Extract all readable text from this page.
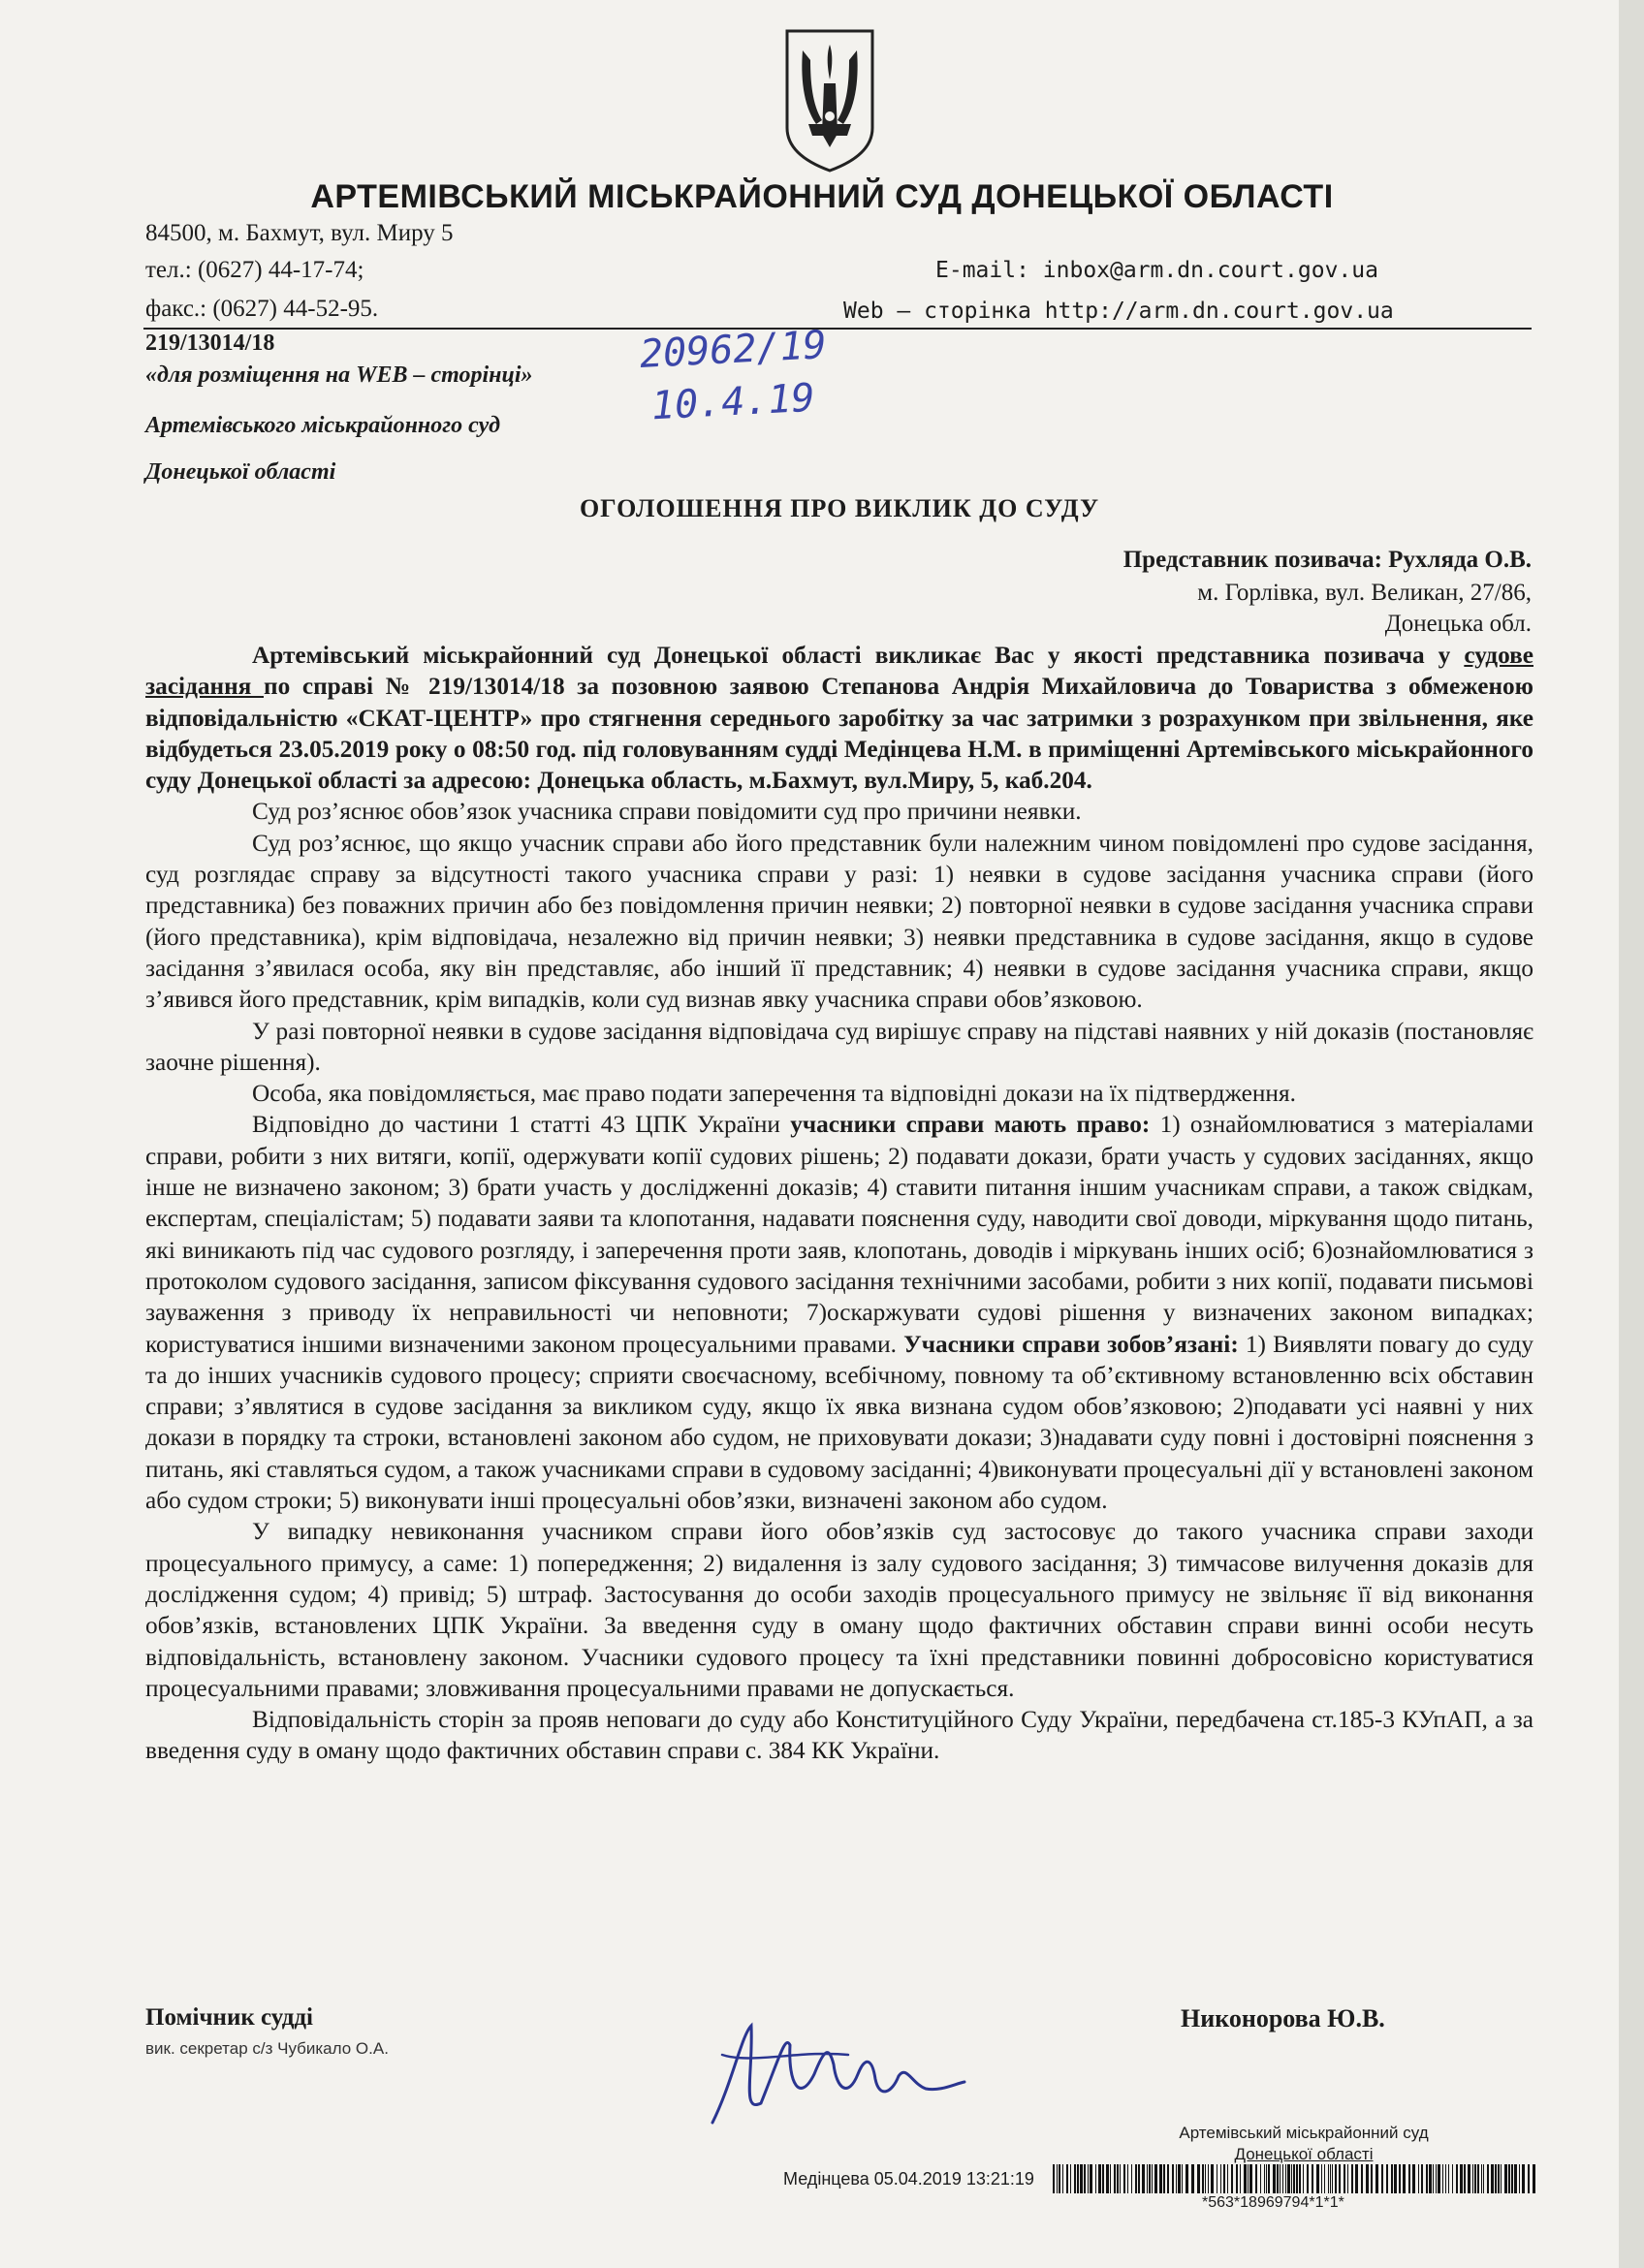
АРТЕМІВСЬКИЙ МІСЬКРАЙОННИЙ СУД ДОНЕЦЬКОЇ ОБЛАСТІ
84500, м. Бахмут, вул. Миру 5
тел.: (0627) 44-17-74;
факс.: (0627) 44-52-95.
E-mail: inbox@arm.dn.court.gov.ua
Web – сторінка http://arm.dn.court.gov.ua
219/13014/18
«для розміщення на WEB – сторінці»
Артемівського міськрайонного суд
Донецької області
20962/19
10.4.19
ОГОЛОШЕННЯ ПРО ВИКЛИК ДО СУДУ
Представник позивача: Рухляда О.В.
м. Горлівка, вул. Великан, 27/86,
Донецька обл.

Артемівський міськрайонний суд Донецької області викликає Вас у якості представника позивача у судове засідання по справі № 219/13014/18 за позовною заявою Степанова Андрія Михайловича до Товариства з обмеженою відповідальністю «СКАТ-ЦЕНТР» про стягнення середнього заробітку за час затримки з розрахунком при звільнення, яке відбудеться 23.05.2019 року о 08:50 год. під головуванням судді Медінцева Н.М. в приміщенні Артемівського міськрайонного суду Донецької області за адресою: Донецька область, м.Бахмут, вул.Миру, 5, каб.204.

Суд роз’яснює обов’язок учасника справи повідомити суд про причини неявки.

Суд роз’яснює, що якщо учасник справи або його представник були належним чином повідомлені про судове засідання, суд розглядає справу за відсутності такого учасника справи у разі: 1) неявки в судове засідання учасника справи (його представника) без поважних причин або без повідомлення причин неявки; 2) повторної неявки в судове засідання учасника справи (його представника), крім відповідача, незалежно від причин неявки; 3) неявки представника в судове засідання, якщо в судове засідання з’явилася особа, яку він представляє, або інший її представник; 4) неявки в судове засідання учасника справи, якщо з’явився його представник, крім випадків, коли суд визнав явку учасника справи обов’язковою.

У разі повторної неявки в судове засідання відповідача суд вирішує справу на підставі наявних у ній доказів (постановляє заочне рішення).

Особа, яка повідомляється, має право подати заперечення та відповідні докази на їх підтвердження.

Відповідно до частини 1 статті 43 ЦПК України учасники справи мають право: 1) ознайомлюватися з матеріалами справи, робити з них витяги, копії, одержувати копії судових рішень; 2) подавати докази, брати участь у судових засіданнях, якщо інше не визначено законом; 3) брати участь у дослідженні доказів; 4) ставити питання іншим учасникам справи, а також свідкам, експертам, спеціалістам; 5) подавати заяви та клопотання, надавати пояснення суду, наводити свої доводи, міркування щодо питань, які виникають під час судового розгляду, і заперечення проти заяв, клопотань, доводів і міркувань інших осіб; 6)ознайомлюватися з протоколом судового засідання, записом фіксування судового засідання технічними засобами, робити з них копії, подавати письмові зауваження з приводу їх неправильності чи неповноти; 7)оскаржувати судові рішення у визначених законом випадках; користуватися іншими визначеними законом процесуальними правами. Учасники справи зобов’язані: 1) Виявляти повагу до суду та до інших учасників судового процесу; сприяти своєчасному, всебічному, повному та об’єктивному встановленню всіх обставин справи; з’являтися в судове засідання за викликом суду, якщо їх явка визнана судом обов’язковою; 2)подавати усі наявні у них докази в порядку та строки, встановлені законом або судом, не приховувати докази; 3)надавати суду повні і достовірні пояснення з питань, які ставляться судом, а також учасниками справи в судовому засіданні; 4)виконувати процесуальні дії у встановлені законом або судом строки; 5) виконувати інші процесуальні обов’язки, визначені законом або судом.

У випадку невиконання учасником справи його обов’язків суд застосовує до такого учасника справи заходи процесуального примусу, а саме: 1) попередження; 2) видалення із залу судового засідання; 3) тимчасове вилучення доказів для дослідження судом; 4) привід; 5) штраф. Застосування до особи заходів процесуального примусу не звільняє її від виконання обов’язків, встановлених ЦПК України. За введення суду в оману щодо фактичних обставин справи винні особи несуть відповідальність, встановлену законом. Учасники судового процесу та їхні представники повинні добросовісно користуватися процесуальними правами; зловживання процесуальними правами не допускається.

Відповідальність сторін за прояв неповаги до суду або Конституційного Суду України, передбачена ст.185-3 КУпАП, а за введення суду в оману щодо фактичних обставин справи с. 384 КК України.

Помічник судді
вик. секретар с/з Чубикало О.А.
Никонорова Ю.В.
Артемівський міськрайонний суд
Донецької області
Медінцева 05.04.2019 13:21:19
*563*18969794*1*1*
